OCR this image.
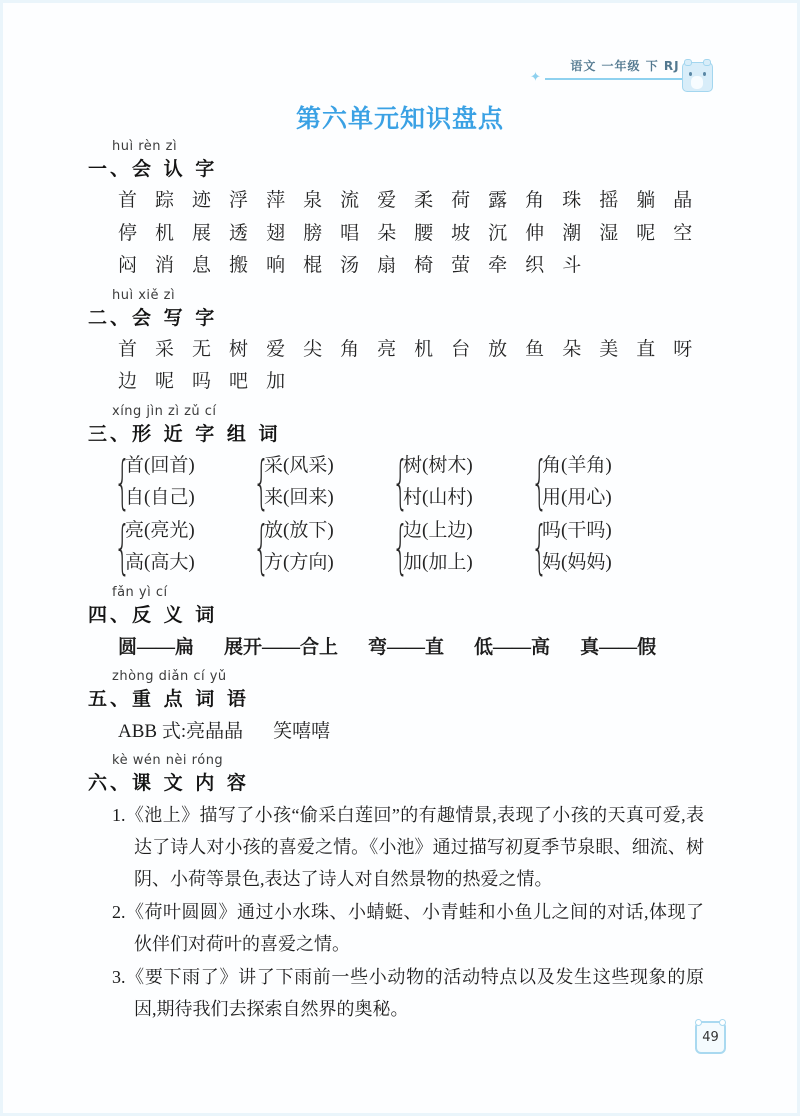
语文 一年级 下 RJ
✦
第六单元知识盘点
huì rèn zì
一、会 认 字
首 踪 迹 浮 萍 泉 流 爱 柔 荷 露 角 珠 摇 躺 晶
停 机 展 透 翅 膀 唱 朵 腰 坡 沉 伸 潮 湿 呢 空
闷 消 息 搬 响 棍 汤 扇 椅 萤 牵 织 斗
huì xiě zì
二、会 写 字
首 采 无 树 爱 尖 角 亮 机 台 放 鱼 朵 美 直 呀
边 呢 吗 吧 加
xíng jìn zì zǔ cí
三、形 近 字 组 词
{
首(回首)
自(自己) {
采(风采)
来(回来) {
树(树木)
村(山村) {
角(羊角)
用(用心)
{
亮(亮光)
高(高大) {
放(放下)
方(方向) {
边(上边)
加(加上) {
吗(干吗)
妈(妈妈)
fǎn yì cí
四、反 义 词
圆——扁 展开——合上 弯——直 低——高 真——假
zhòng diǎn cí yǔ
五、重 点 词 语
ABB 式: 亮晶晶 笑嘻嘻
kè wén nèi róng
六、课 文 内 容
1.《池上》描写了小孩“偷采白莲回”的有趣情景,表现了小孩的天真可爱,表达了诗人对小孩的喜爱之情。《小池》通过描写初夏季节泉眼、细流、树阴、小荷等景色,表达了诗人对自然景物的热爱之情。
2.《荷叶圆圆》通过小水珠、小蜻蜓、小青蛙和小鱼儿之间的对话,体现了伙伴们对荷叶的喜爱之情。
3.《要下雨了》讲了下雨前一些小动物的活动特点以及发生这些现象的原因,期待我们去探索自然界的奥秘。
49
